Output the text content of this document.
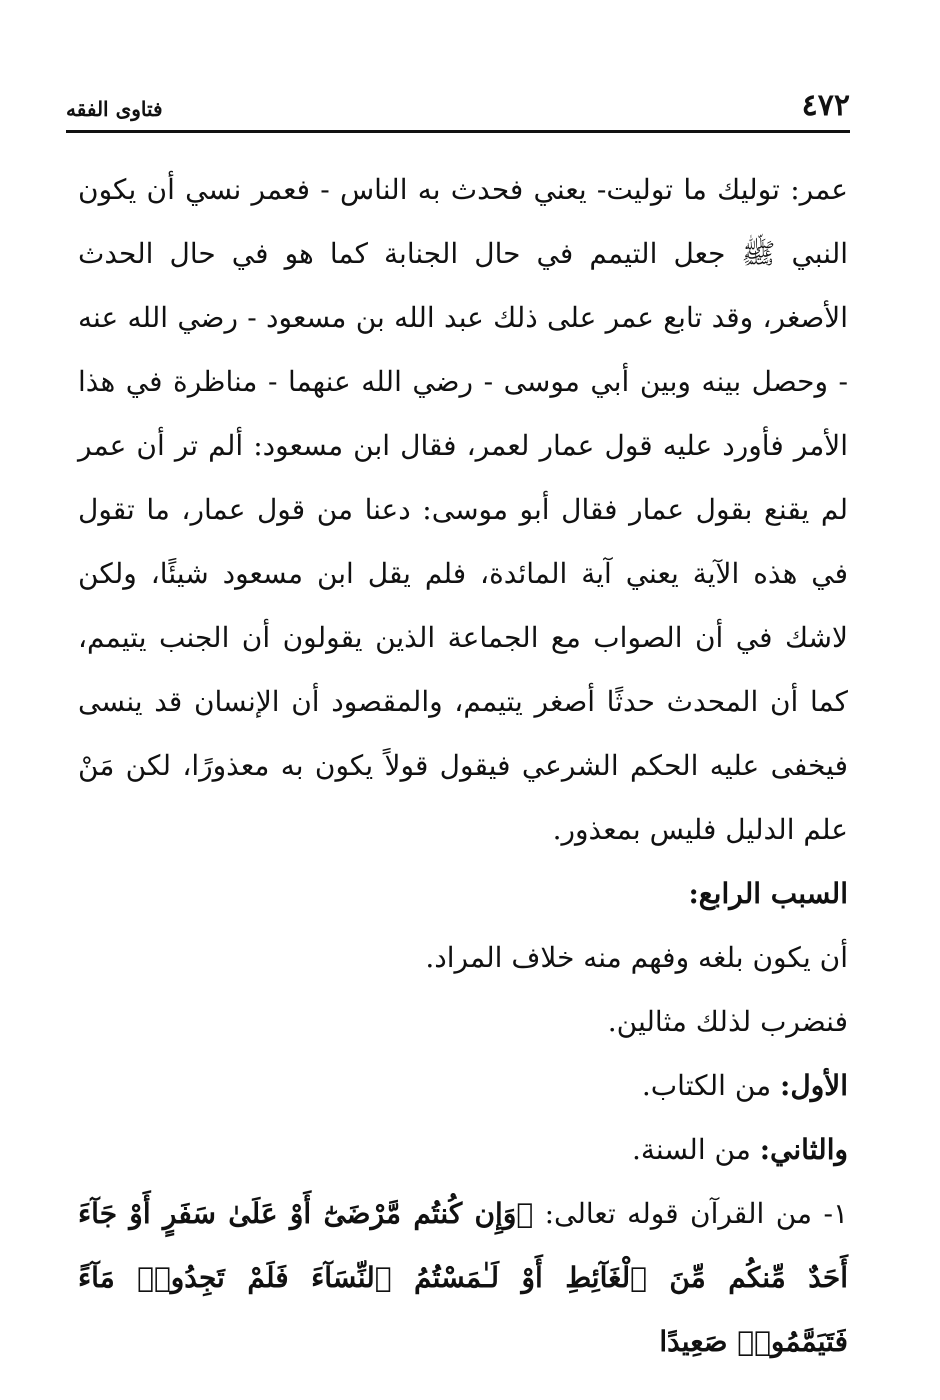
٤٧٢
فتاوى الفقه

عمر: توليك ما توليت- يعني فحدث به الناس - فعمر نسي أن يكون النبي ﷺ جعل التيمم في حال الجنابة كما هو في حال الحدث الأصغر، وقد تابع عمر على ذلك عبد الله بن مسعود - رضي الله عنه - وحصل بينه وبين أبي موسى - رضي الله عنهما - مناظرة في هذا الأمر فأورد عليه قول عمار لعمر، فقال ابن مسعود: ألم تر أن عمر لم يقنع بقول عمار فقال أبو موسى: دعنا من قول عمار، ما تقول في هذه الآية يعني آية المائدة، فلم يقل ابن مسعود شيئًا، ولكن لاشك في أن الصواب مع الجماعة الذين يقولون أن الجنب يتيمم، كما أن المحدث حدثًا أصغر يتيمم، والمقصود أن الإنسان قد ينسى فيخفى عليه الحكم الشرعي فيقول قولاً يكون به معذورًا، لكن مَنْ علم الدليل فليس بمعذور.

السبب الرابع:

أن يكون بلغه وفهم منه خلاف المراد.

فنضرب لذلك مثالين.

الأول: من الكتاب.

والثاني: من السنة.

١- من القرآن قوله تعالى: ﴿وَإِن كُنتُم مَّرْضَىٰٓ أَوْ عَلَىٰ سَفَرٍ أَوْ جَآءَ أَحَدٌ مِّنكُم مِّنَ ٱلْغَآئِطِ أَوْ لَـٰمَسْتُمُ ٱلنِّسَآءَ فَلَمْ تَجِدُوا۟ مَآءً فَتَيَمَّمُوا۟ صَعِيدًا
